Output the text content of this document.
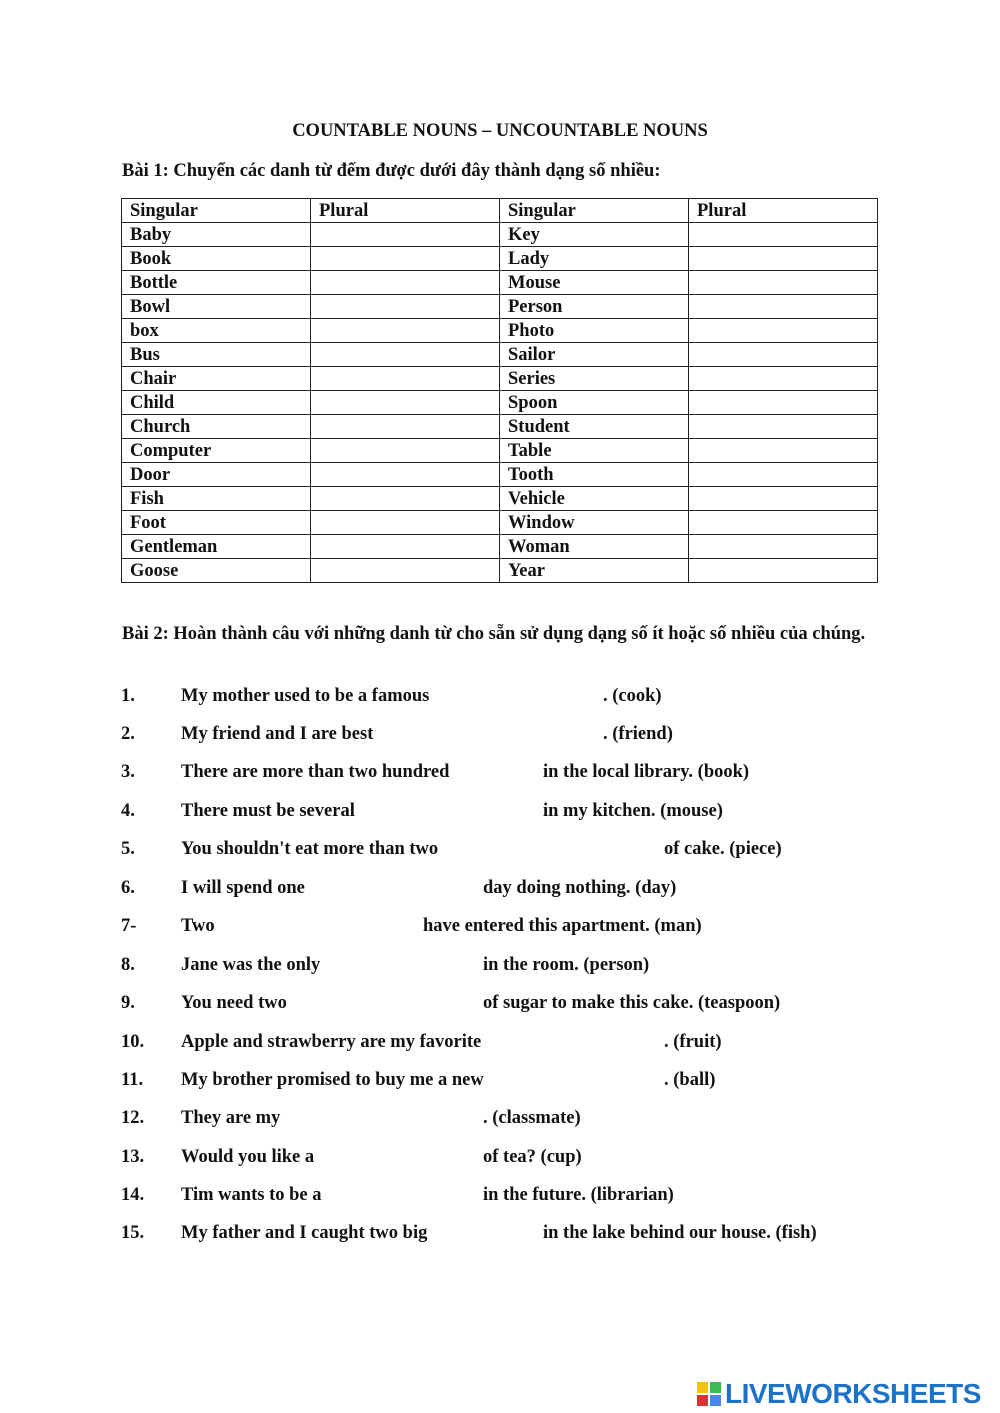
COUNTABLE NOUNS – UNCOUNTABLE NOUNS
Bài 1: Chuyển các danh từ đếm được dưới đây thành dạng số nhiều:
Singular	Plural	Singular	Plural
Baby		Key	
Book		Lady	
Bottle		Mouse	
Bowl		Person	
box		Photo	
Bus		Sailor	
Chair		Series	
Child		Spoon	
Church		Student	
Computer		Table	
Door		Tooth	
Fish		Vehicle	
Foot		Window	
Gentleman		Woman	
Goose		Year	
Bài 2: Hoàn thành câu với những danh từ cho sẵn sử dụng dạng số ít hoặc số nhiều của chúng.
1. My mother used to be a famous	. (cook)
2. My friend and I are best	. (friend)
3. There are more than two hundred	in the local library. (book)
4. There must be several	in my kitchen. (mouse)
5. You shouldn't eat more than two	of cake. (piece)
6. I will spend one	day doing nothing. (day)
7- Two	have entered this apartment. (man)
8. Jane was the only	in the room. (person)
9. You need two	of sugar to make this cake. (teaspoon)
10. Apple and strawberry are my favorite	. (fruit)
11. My brother promised to buy me a new	. (ball)
12. They are my	. (classmate)
13. Would you like a	of tea? (cup)
14. Tim wants to be a	in the future. (librarian)
15. My father and I caught two big	in the lake behind our house. (fish)
LIVEWORKSHEETS
